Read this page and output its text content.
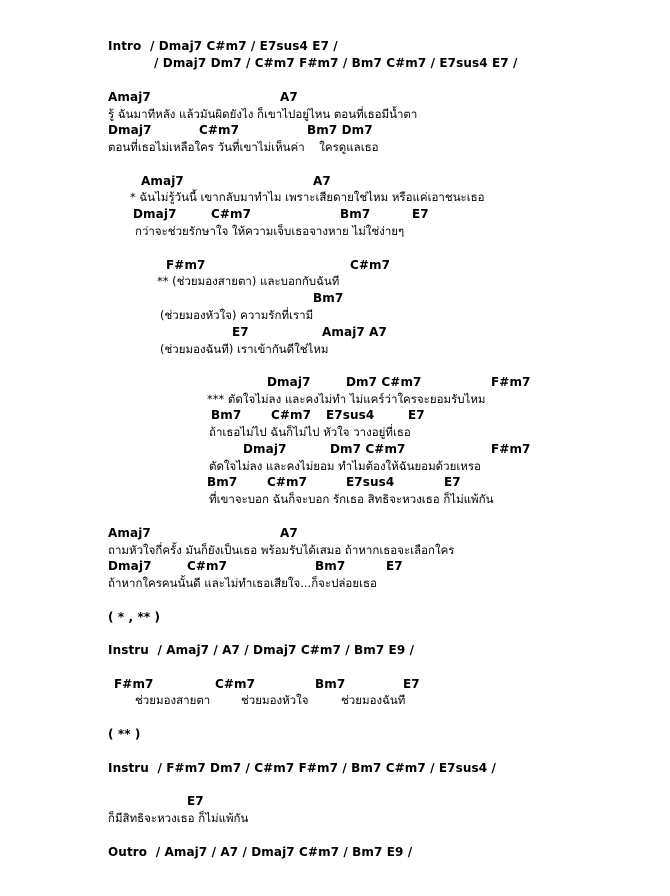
Intro  / Dmaj7 C#m7 / E7sus4 E7 /
/ Dmaj7 Dm7 / C#m7 F#m7 / Bm7 C#m7 / E7sus4 E7 /
Amaj7	A7
รู้ ฉันมาทีหลัง แล้วมันผิดยังไง ก็เขาไปอยู่ไหน ตอนที่เธอมีน้ำตา
Dmaj7	C#m7	Bm7 Dm7
ตอนที่เธอไม่เหลือใคร วันที่เขาไม่เห็นค่า    ใครดูแลเธอ
Amaj7	A7
* ฉันไม่รู้วันนี้ เขากลับมาทำไม เพราะเสียดายใช่ไหม หรือแค่เอาชนะเธอ
Dmaj7	C#m7	Bm7	E7
กว่าจะช่วยรักษาใจ ให้ความเจ็บเธอจางหาย ไม่ใช่ง่ายๆ
F#m7	C#m7
** (ช่วยมองสายตา) และบอกกับฉันที
Bm7
(ช่วยมองหัวใจ) ความรักที่เรามี
E7	Amaj7 A7
(ช่วยมองฉันที) เราเข้ากันดีใช่ไหม
Dmaj7	Dm7 C#m7	F#m7
*** ตัดใจไม่ลง และคงไม่ทำ ไม่แคร์ว่าใครจะยอมรับไหม
Bm7 C#m7 E7sus4	E7
ถ้าเธอไม่ไป ฉันก็ไม่ไป หัวใจ วางอยู่ที่เธอ
Dmaj7	Dm7 C#m7	F#m7
ตัดใจไม่ลง และคงไม่ยอม ทำไมต้องให้ฉันยอมด้วยเหรอ
Bm7 C#m7	E7sus4	E7
ที่เขาจะบอก ฉันก็จะบอก รักเธอ สิทธิจะหวงเธอ ก็ไม่แพ้กัน
Amaj7	A7
ถามหัวใจกี่ครั้ง มันก็ยังเป็นเธอ พร้อมรับได้เสมอ ถ้าหากเธอจะเลือกใคร
Dmaj7	C#m7	Bm7	E7
ถ้าหากใครคนนั้นดี และไม่ทำเธอเสียใจ...ก็จะปล่อยเธอ
( * , ** )
Instru  / Amaj7 / A7 / Dmaj7 C#m7 / Bm7 E9 /
F#m7	C#m7	Bm7	E7
ช่วยมองสายตา	ช่วยมองหัวใจ	ช่วยมองฉันที
( ** )
Instru  / F#m7 Dm7 / C#m7 F#m7 / Bm7 C#m7 / E7sus4 /
E7
ก็มีสิทธิจะหวงเธอ ก็ไม่แพ้กัน
Outro  / Amaj7 / A7 / Dmaj7 C#m7 / Bm7 E9 /
